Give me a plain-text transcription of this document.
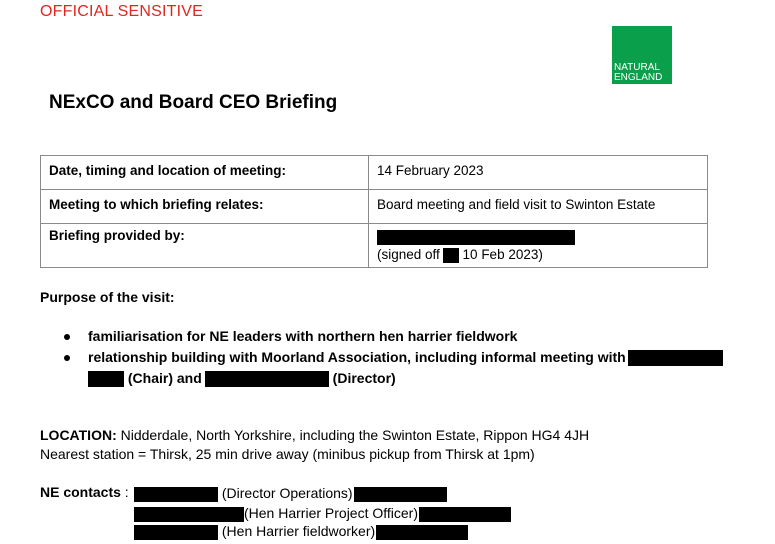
OFFICIAL SENSITIVE
NATURAL
ENGLAND
NExCO and Board CEO Briefing
Date, timing and location of meeting:	14 February 2023
Meeting to which briefing relates:	Board meeting and field visit to Swinton Estate

Briefing provided by:	(signed off 10 Feb 2023)
Purpose of the visit:
familiarisation for NE leaders with northern hen harrier fieldwork
relationship building with Moorland Association, including informal meeting with
(Chair) and	(Director)
LOCATION: Nidderdale, North Yorkshire, including the Swinton Estate, Rippon HG4 4JH
Nearest station = Thirsk, 25 min drive away (minibus pickup from Thirsk at 1pm)
NE contacts :	(Director Operations)
(Hen Harrier Project Officer)
(Hen Harrier fieldworker)
